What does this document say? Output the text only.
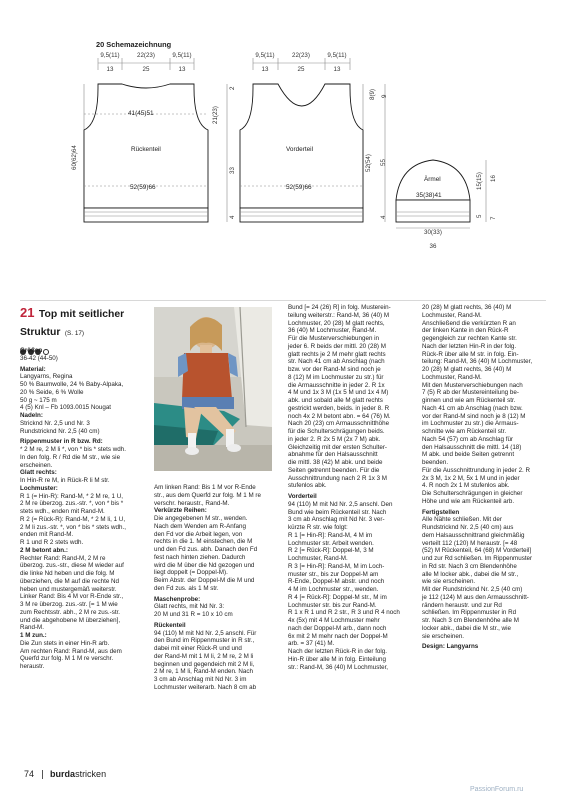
20 Schemazeichnung
9,5(11)	22(23)	9,5(11)
13	25	13
41(45)51
Rückenteil
52(59)66
60(62)64
2
21(23)
33
4
9,5(11)	22(23)	9,5(11)
13	25	13
Vorderteil
52(59)66
52(54)
8(9) 9
55
4
Ärmel
35(38)41
30(33)
36
15(15) 16
5
7
21 Top mit seitlicher
Struktur (S. 17)

Größen

36-42 (44-50)

Material:

Langyarns, Regina

50 % Baumwolle, 24 % Baby-Alpaka,

20 % Seide, 6 % Wolle

50 g ~ 175 m

4 (5) Knl – Fb 1093.0015 Nougat

Nadeln:

Stricknd Nr. 2,5 und Nr. 3

Rundstricknd Nr. 2,5 (40 cm)

Rippenmuster in R bzw. Rd:

* 2 M re, 2 M li *, von * bis * stets wdh.

In den folg. R / Rd die M str., wie sie

erscheinen.

Glatt rechts:

In Hin-R re M, in Rück-R li M str.

Lochmuster:

R 1 (= Hin-R): Rand-M, * 2 M re, 1 U,

2 M re überzog. zus.-str. *, von * bis *

stets wdh., enden mit Rand-M.

R 2 (= Rück-R): Rand-M, * 2 M li, 1 U,

2 M li zus.-str. *, von * bis * stets wdh.,

enden mit Rand-M.

R 1 und R 2 stets wdh.

2 M betont abn.:

Rechter Rand: Rand-M, 2 M re

überzog. zus.-str., diese M wieder auf

die linke Nd heben und die folg. M

überziehen, die M auf die rechte Nd

heben und mustergemäß weiterstr.

Linker Rand: Bis 4 M vor R-Ende str.,

3 M re überzog. zus.-str. [= 1 M wie

zum Rechtsstr. abh., 2 M re zus.-str.

und die abgehobene M überziehen],

Rand-M.

1 M zun.:

Die Zun stets in einer Hin-R arb.

Am rechten Rand: Rand-M, aus dem

Querfd zur folg. M 1 M re verschr.

heraustr.

Am linken Rand: Bis 1 M vor R-Ende

str., aus dem Querfd zur folg. M 1 M re

verschr. heraustr., Rand-M.

Verkürzte Reihen:

Die angegebenen M str., wenden.

Nach dem Wenden am R-Anfang

den Fd vor die Arbeit legen, von

rechts in die 1. M einstechen, die M

und den Fd zus. abh. Danach den Fd

fest nach hinten ziehen. Dadurch

wird die M über die Nd gezogen und

liegt doppelt (= Doppel-M).

Beim Abstr. der Doppel-M die M und

den Fd zus. als 1 M str.

Maschenprobe:

Glatt rechts, mit Nd Nr. 3:

20 M und 31 R = 10 x 10 cm

Rückenteil

94 (110) M mit Nd Nr. 2,5 anschl. Für

den Bund im Rippenmuster in R str.,

dabei mit einer Rück-R und und

der Rand-M mit 1 M li, 2 M re, 2 M li

beginnen und gegendeich mit 2 M li,

2 M re, 1 M li, Rand-M enden. Nach

3 cm ab Anschlag mit Nd Nr. 3 im

Lochmuster weiterarb. Nach 8 cm ab

Bund [= 24 (26) R] in folg. Musterein-

teilung weiterstr.: Rand-M, 36 (40) M

Lochmuster, 20 (28) M glatt rechts,

36 (40) M Lochmuster, Rand-M.

Für die Musterverschiebungen in

jeder 6. R beids der mittl. 20 (28) M

glatt rechts je 2 M mehr glatt rechts

str. Nach 41 cm ab Anschlag (nach

bzw. vor der Rand-M sind noch je

8 (12) M im Lochmuster zu str.) für

die Armausschnitte in jeder 2. R 1x

4 M und 1x 3 M (1x 5 M und 1x 4 M)

abk. und sobald alle M glatt rechts

gestrickt werden, beids. in jeder 8. R

noch 4x 2 M betont abn. = 64 (76) M.

Nach 20 (23) cm Armausschnitthöhe

für die Schulterschrägungen beids.

in jeder 2. R 2x 5 M (2x 7 M) abk.

Gleichzeitig mit der ersten Schulter-

abnahme für den Halsausschnitt

die mittl. 38 (42) M abk. und beide

Seiten getrennt beenden. Für die

Ausschnittrundung nach 2 R 1x 3 M

stufenlos abk.

Vorderteil

94 (110) M mit Nd Nr. 2,5 anschl. Den

Bund wie beim Rückenteil str. Nach

3 cm ab Anschlag mit Nd Nr. 3 ver-

kürzte R str. wie folgt:

R 1 [= Hin-R]: Rand-M, 4 M im

Lochmuster str. Arbeit wenden.

R 2 [= Rück-R]: Doppel-M, 3 M

Lochmuster, Rand-M.

R 3 [= Hin-R]: Rand-M, M im Loch-

muster str., bis zur Doppel-M am

R-Ende, Doppel-M abstr. und noch

4 M im Lochmuster str., wenden.

R 4 [= Rück-R]: Doppel-M str., M im

Lochmuster str. bis zur Rand-M.

R 1 x R 1 und R 2 str., R 3 und R 4 noch

4x (5x) mit 4 M Lochmuster mehr

nach der Doppel-M arb., dann noch

6x mit 2 M mehr nach der Doppel-M

arb. = 37 (41) M.

Nach der letzten Rück-R in der folg.

Hin-R über alle M in folg. Einteilung

str.: Rand-M, 36 (40) M Lochmuster,

20 (28) M glatt rechts, 36 (40) M

Lochmuster, Rand-M.

Anschließend die verkürzten R an

der linken Kante in den Rück-R

gegengleich zur rechten Kante str.

Nach der letzten Hin-R in der folg.

Rück-R über alle M str. in folg. Ein-

teilung: Rand-M, 36 (40) M Lochmuster,

20 (28) M glatt rechts, 36 (40) M

Lochmuster, Rand-M.

Mit den Musterverschiebungen nach

7 (5) R ab der Mustereinteilung be-

ginnen und wie am Rückenteil str.

Nach 41 cm ab Anschlag (nach bzw.

vor der Rand-M sind noch je 8 (12) M

im Lochmuster zu str.) die Armaus-

schnitte wie am Rückenteil str.

Nach 54 (57) cm ab Anschlag für

den Halsausschnitt die mittl. 14 (18)

M abk. und beide Seiten getrennt

beenden.

Für die Ausschnittrundung in jeder 2. R

2x 3 M, 1x 2 M, 5x 1 M und in jeder

4. R noch 2x 1 M stufenlos abk.

Die Schulterschrägungen in gleicher

Höhe und wie am Rückenteil arb.

Fertigstellen

Alle Nähte schließen. Mit der

Rundstricknd Nr. 2,5 (40 cm) aus

dem Halsausschnittrand gleichmäßig

verteilt 112 (120) M heraustr. [= 48

(52) M Rückenteil, 64 (68) M Vorderteil]

und zur Rd schließen. Im Rippenmuster

in Rd str. Nach 3 cm Blendenhöhe

alle M locker abk., dabei die M str.,

wie sie erscheinen.

Mit der Rundstricknd Nr. 2,5 (40 cm)

je 112 (124) M aus den Armausschnitt-

rändern heraustr. und zur Rd

schließen. Im Rippenmuster in Rd

str. Nach 3 cm Blendenhöhe alle M

locker abk., dabei die M str., wie

sie erscheinen.

Design: Langyarns

74 burdastricken
PassionForum.ru
